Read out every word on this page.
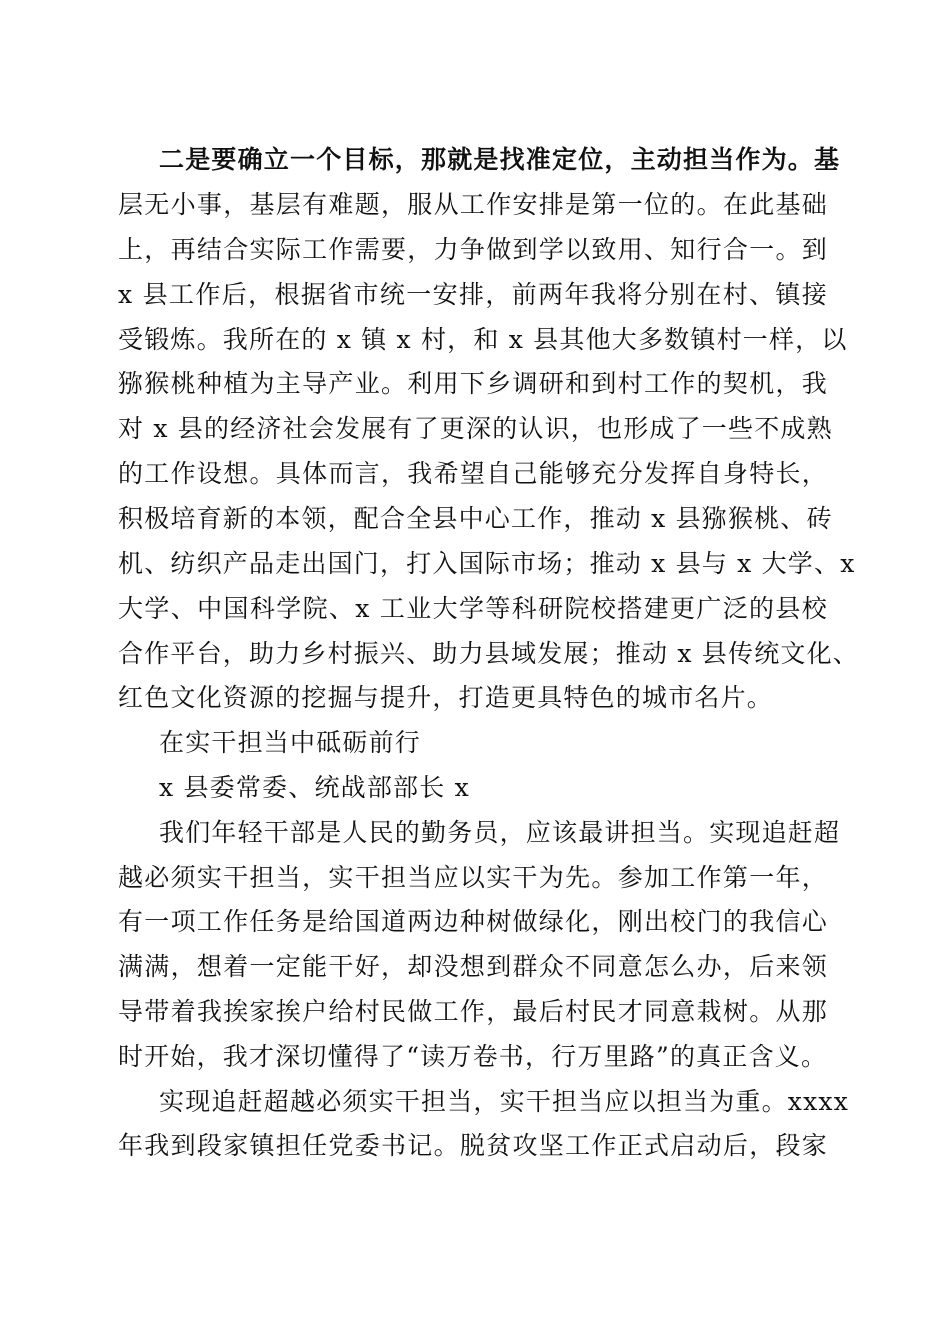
二是要确立一个目标，那就是找准定位，主动担当作为。基
层无小事，基层有难题，服从工作安排是第一位的。在此基础
上，再结合实际工作需要，力争做到学以致用、知行合一。到
x 县工作后，根据省市统一安排，前两年我将分别在村、镇接
受锻炼。我所在的 x 镇 x 村，和 x 县其他大多数镇村一样，以
猕猴桃种植为主导产业。利用下乡调研和到村工作的契机，我
对 x 县的经济社会发展有了更深的认识，也形成了一些不成熟
的工作设想。具体而言，我希望自己能够充分发挥自身特长，
积极培育新的本领，配合全县中心工作，推动 x 县猕猴桃、砖
机、纺织产品走出国门，打入国际市场；推动 x 县与 x 大学、x
大学、中国科学院、x 工业大学等科研院校搭建更广泛的县校
合作平台，助力乡村振兴、助力县域发展；推动 x 县传统文化、
红色文化资源的挖掘与提升，打造更具特色的城市名片。
在实干担当中砥砺前行
x 县委常委、统战部部长 x
我们年轻干部是人民的勤务员，应该最讲担当。实现追赶超
越必须实干担当，实干担当应以实干为先。参加工作第一年，
有一项工作任务是给国道两边种树做绿化，刚出校门的我信心
满满，想着一定能干好，却没想到群众不同意怎么办，后来领
导带着我挨家挨户给村民做工作，最后村民才同意栽树。从那
时开始，我才深切懂得了“读万卷书，行万里路”的真正含义。
实现追赶超越必须实干担当，实干担当应以担当为重。xxxx
年我到段家镇担任党委书记。脱贫攻坚工作正式启动后，段家
